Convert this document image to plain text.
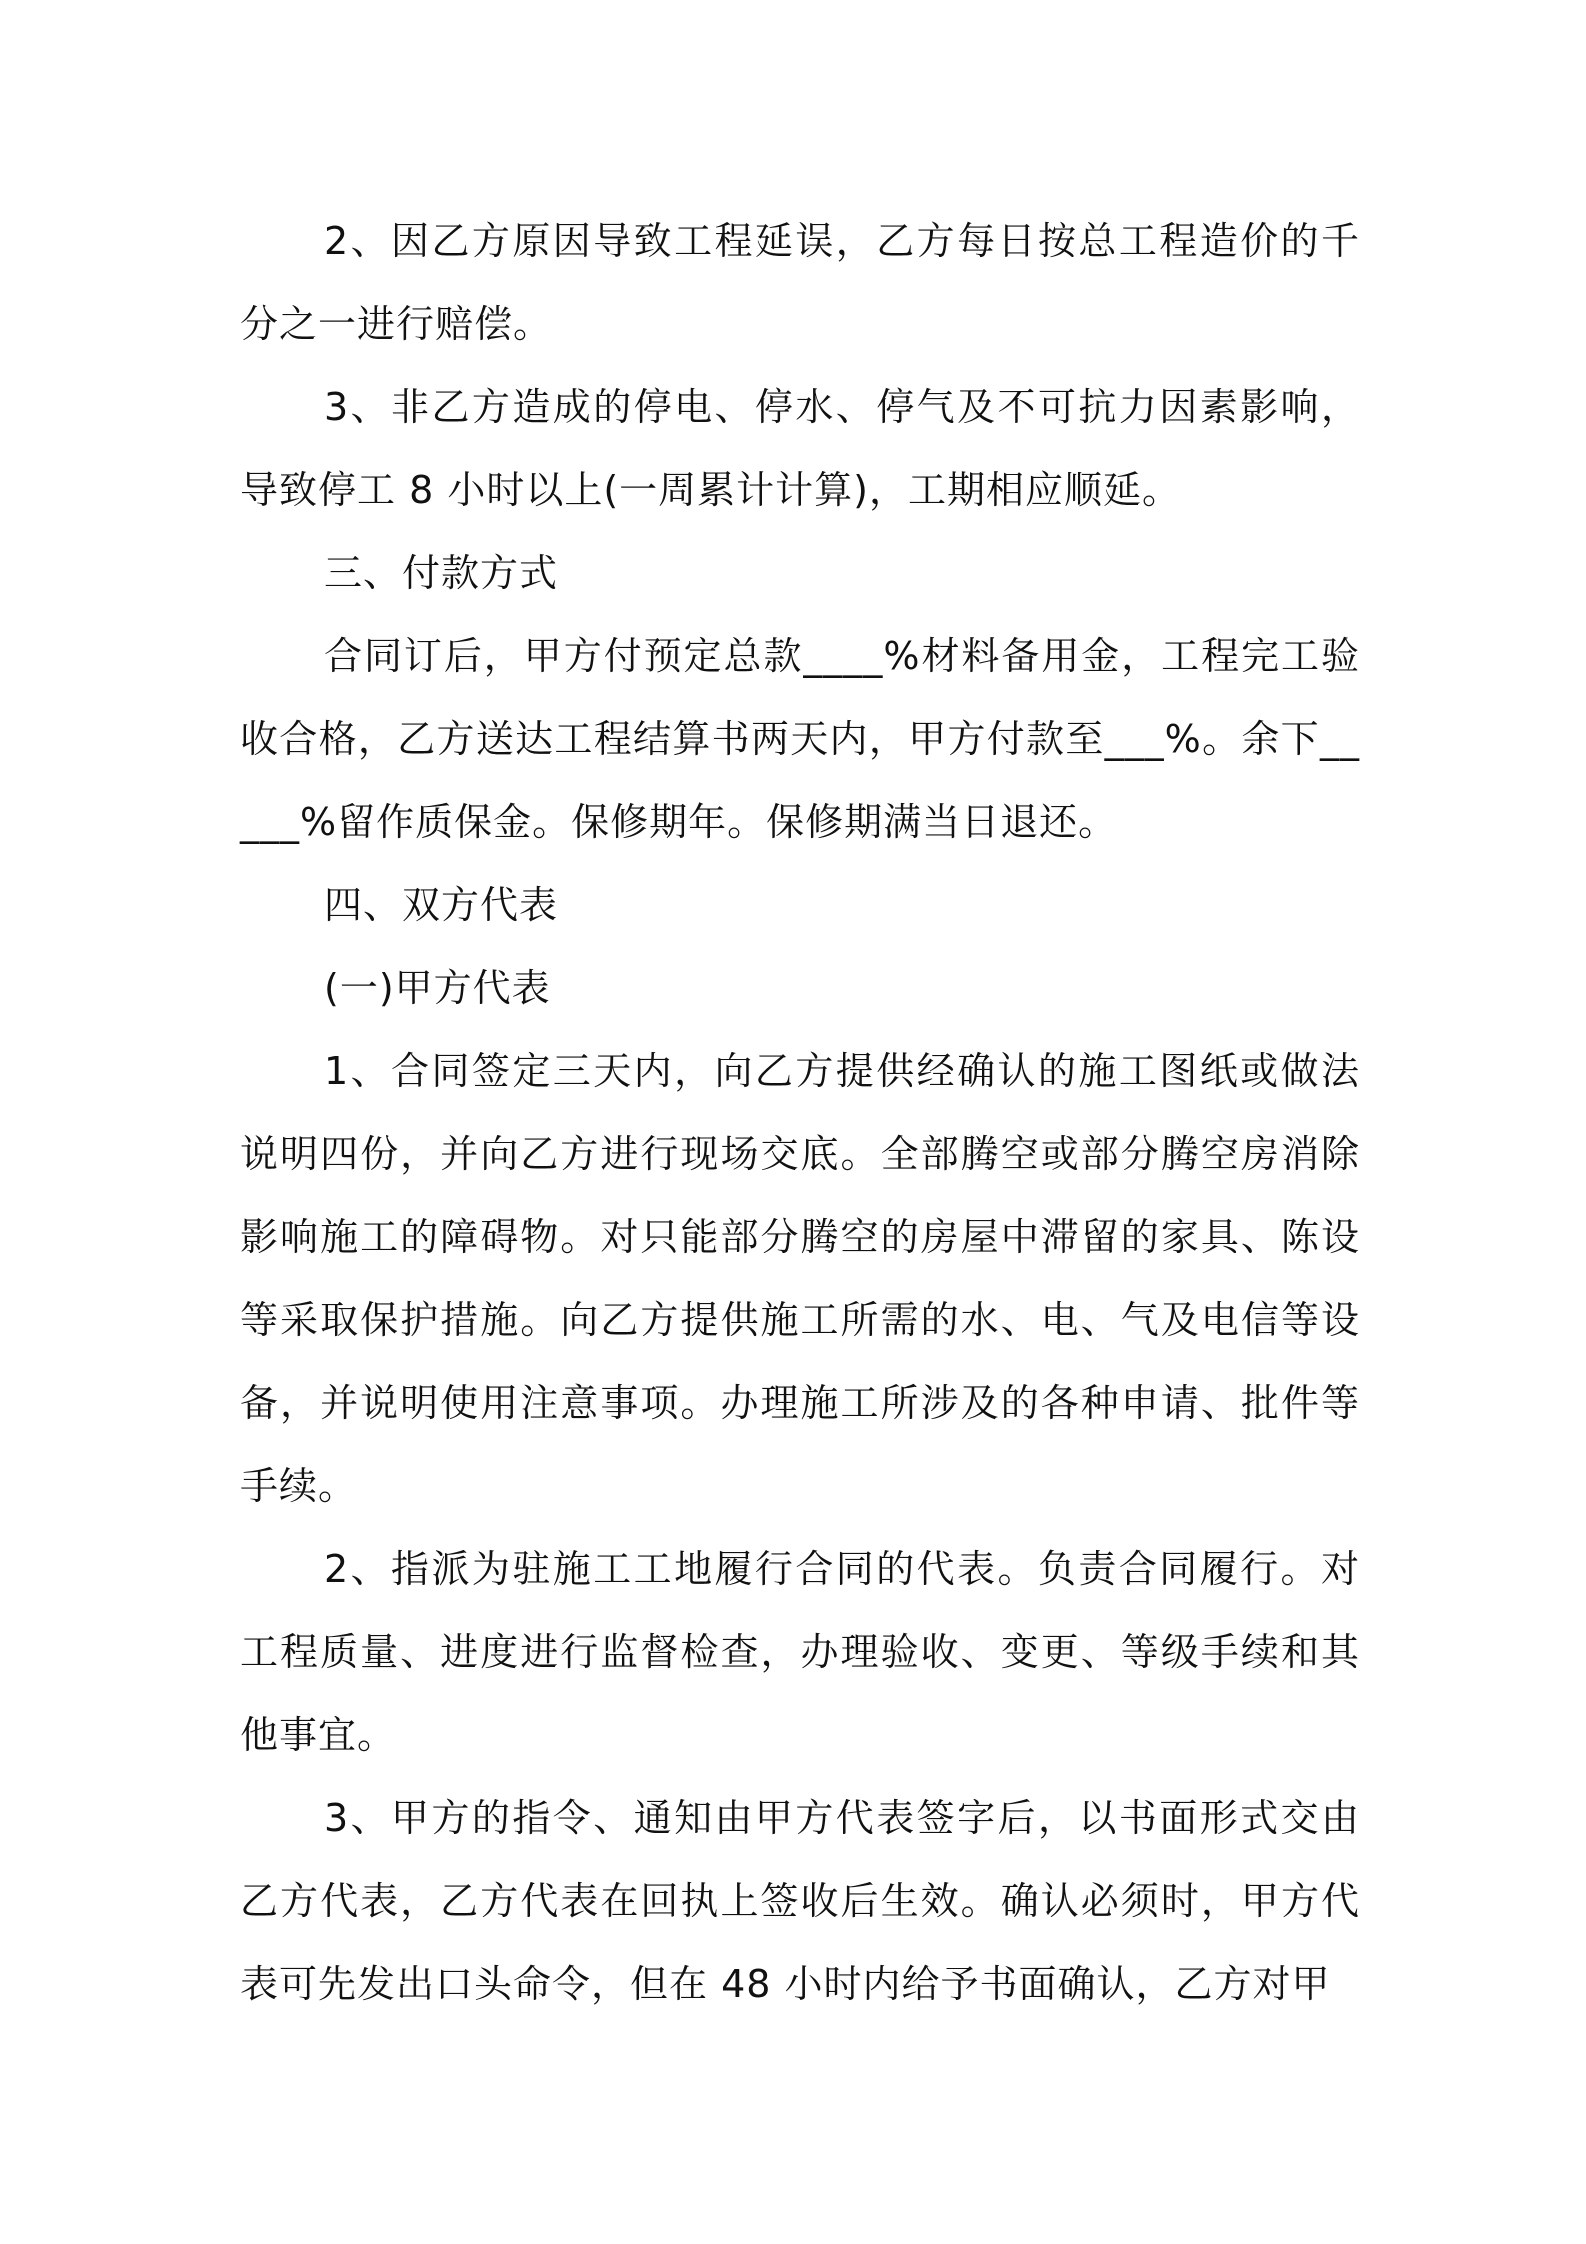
2、因乙方原因导致工程延误，乙方每日按总工程造价的千分之一进行赔偿。

3、非乙方造成的停电、停水、停气及不可抗力因素影响，导致停工 8 小时以上(一周累计计算)，工期相应顺延。

三、付款方式

合同订后，甲方付预定总款____%材料备用金，工程完工验收合格，乙方送达工程结算书两天内，甲方付款至___%。余下_____%留作质保金。保修期年。保修期满当日退还。

四、双方代表

(一)甲方代表

1、合同签定三天内，向乙方提供经确认的施工图纸或做法说明四份，并向乙方进行现场交底。全部腾空或部分腾空房消除影响施工的障碍物。对只能部分腾空的房屋中滞留的家具、陈设等采取保护措施。向乙方提供施工所需的水、电、气及电信等设备，并说明使用注意事项。办理施工所涉及的各种申请、批件等手续。

2、指派为驻施工工地履行合同的代表。负责合同履行。对工程质量、进度进行监督检查，办理验收、变更、等级手续和其他事宜。

3、甲方的指令、通知由甲方代表签字后，以书面形式交由乙方代表，乙方代表在回执上签收后生效。确认必须时，甲方代表可先发出口头命令，但在 48 小时内给予书面确认，乙方对甲
